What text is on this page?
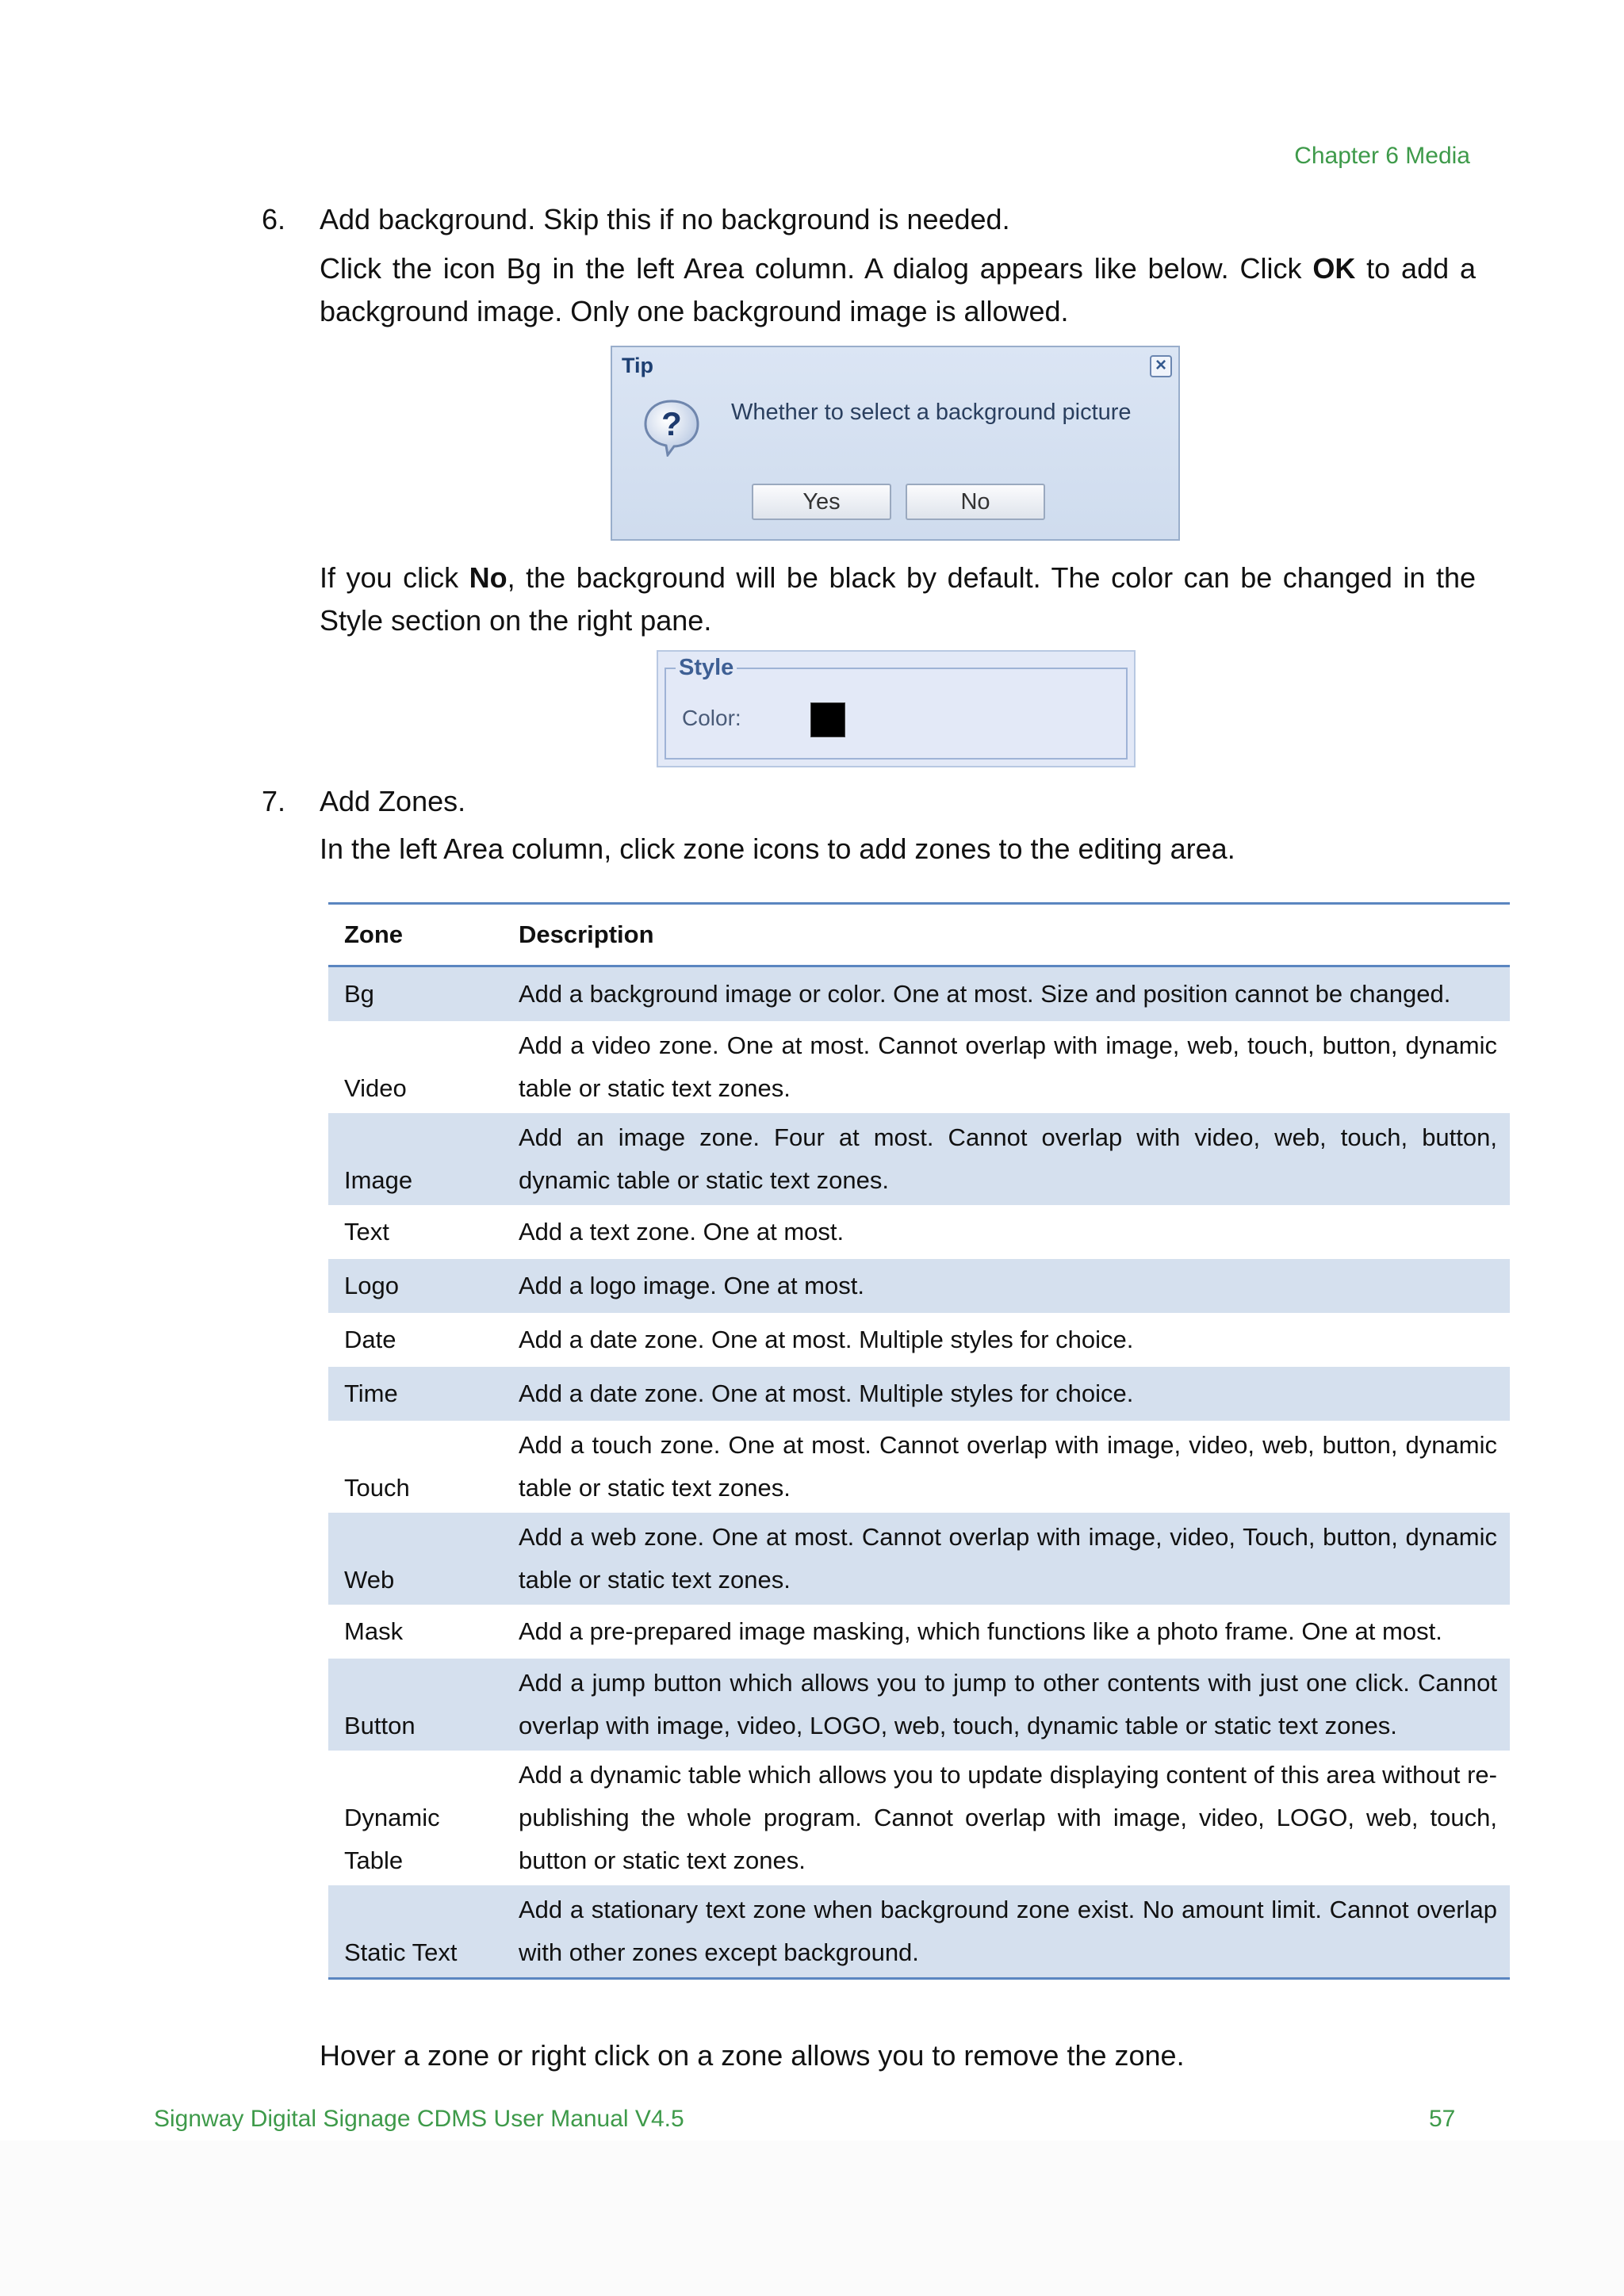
Chapter 6 Media
6. Add background. Skip this if no background is needed.
Click the icon Bg in the left Area column. A dialog appears like below. Click OK to add a background image. Only one background image is allowed.
Tip	×
? Whether to select a background picture
Yes	No
If you click No, the background will be black by default. The color can be changed in the Style section on the right pane.
Style
Color:
7. Add Zones.
In the left Area column, click zone icons to add zones to the editing area.
Zone	Description
Bg	Add a background image or color. One at most. Size and position cannot be changed.
Video	Add a video zone. One at most. Cannot overlap with image, web, touch, button, dynamic table or static text zones.
Image	Add an image zone. Four at most. Cannot overlap with video, web, touch, button, dynamic table or static text zones.
Text	Add a text zone. One at most.
Logo	Add a logo image. One at most.
Date	Add a date zone. One at most. Multiple styles for choice.
Time	Add a date zone. One at most. Multiple styles for choice.
Touch	Add a touch zone. One at most. Cannot overlap with image, video, web, button, dynamic table or static text zones.
Web	Add a web zone. One at most. Cannot overlap with image, video, Touch, button, dynamic table or static text zones.
Mask	Add a pre-prepared image masking, which functions like a photo frame. One at most.
Button	Add a jump button which allows you to jump to other contents with just one click. Cannot overlap with image, video, LOGO, web, touch, dynamic table or static text zones.
Dynamic Table	Add a dynamic table which allows you to update displaying content of this area without re-publishing the whole program. Cannot overlap with image, video, LOGO, web, touch, button or static text zones.
Static Text	Add a stationary text zone when background zone exist. No amount limit. Cannot overlap with other zones except background.
Hover a zone or right click on a zone allows you to remove the zone.
Signway Digital Signage CDMS User Manual V4.5	57
